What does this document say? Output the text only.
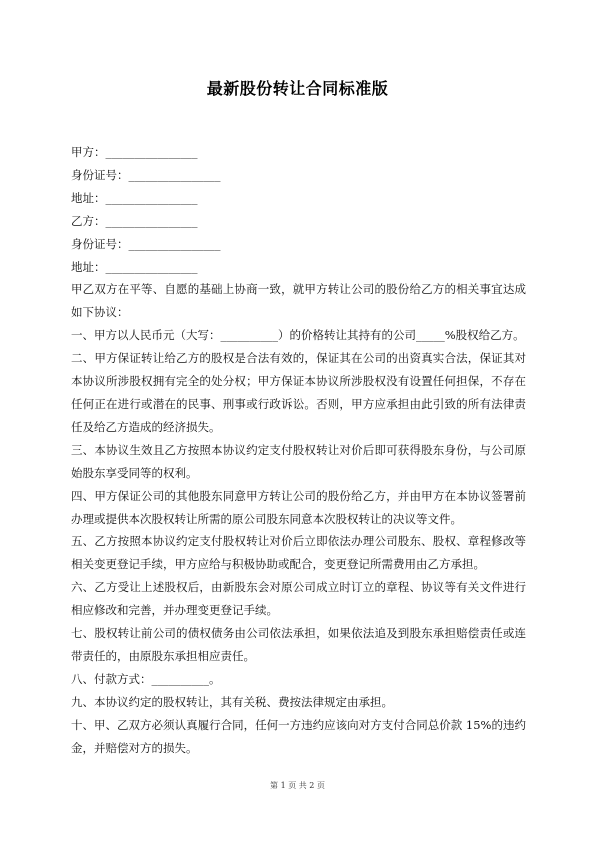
最新股份转让合同标准版

甲方：________________

身份证号：________________

地址：________________

乙方：________________

身份证号：________________

地址：________________

甲乙双方在平等、自愿的基础上协商一致，就甲方转让公司的股份给乙方的相关事宜达成如下协议：

一、甲方以人民币元（大写：__________）的价格转让其持有的公司_____%股权给乙方。

二、甲方保证转让给乙方的股权是合法有效的，保证其在公司的出资真实合法，保证其对本协议所涉股权拥有完全的处分权；甲方保证本协议所涉股权没有设置任何担保，不存在任何正在进行或潜在的民事、刑事或行政诉讼。否则，甲方应承担由此引致的所有法律责任及给乙方造成的经济损失。

三、本协议生效且乙方按照本协议约定支付股权转让对价后即可获得股东身份，与公司原始股东享受同等的权利。

四、甲方保证公司的其他股东同意甲方转让公司的股份给乙方，并由甲方在本协议签署前办理或提供本次股权转让所需的原公司股东同意本次股权转让的决议等文件。

五、乙方按照本协议约定支付股权转让对价后立即依法办理公司股东、股权、章程修改等相关变更登记手续，甲方应给与积极协助或配合，变更登记所需费用由乙方承担。

六、乙方受让上述股权后，由新股东会对原公司成立时订立的章程、协议等有关文件进行相应修改和完善，并办理变更登记手续。

七、股权转让前公司的债权债务由公司依法承担，如果依法追及到股东承担赔偿责任或连带责任的，由原股东承担相应责任。

八、付款方式：__________。

九、本协议约定的股权转让，其有关税、费按法律规定由承担。

十、甲、乙双方必须认真履行合同，任何一方违约应该向对方支付合同总价款 15%的违约金，并赔偿对方的损失。

第 1 页 共 2 页
